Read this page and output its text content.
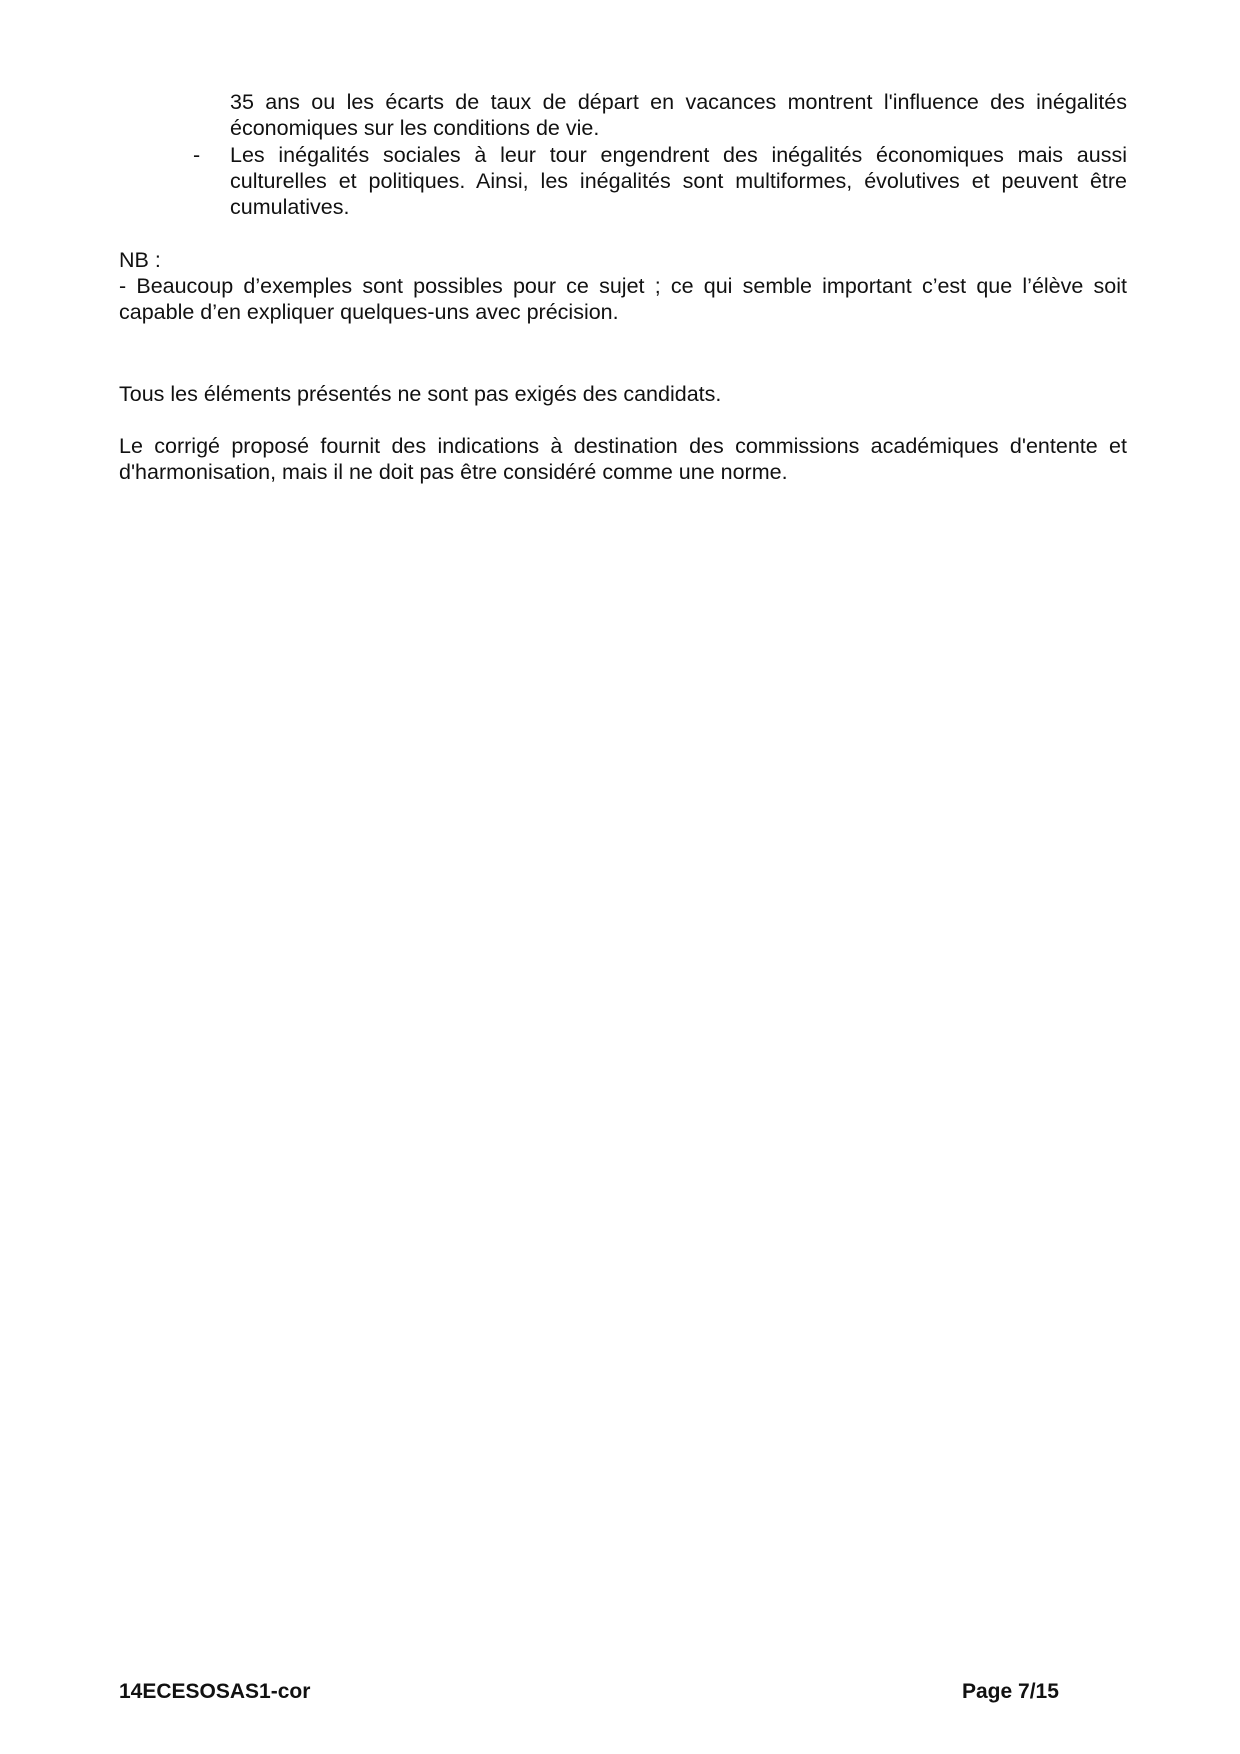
35 ans ou les écarts de taux de départ en vacances montrent l'influence des inégalités économiques sur les conditions de vie.

- Les inégalités sociales à leur tour engendrent des inégalités économiques mais aussi culturelles et politiques. Ainsi, les inégalités sont multiformes, évolutives et peuvent être cumulatives.

NB :

- Beaucoup d’exemples sont possibles pour ce sujet ; ce qui semble important c’est que l’élève soit capable d’en expliquer quelques-uns avec précision.

Tous les éléments présentés ne sont pas exigés des candidats.

Le corrigé proposé fournit des indications à destination des commissions académiques d'entente et d'harmonisation, mais il ne doit pas être considéré comme une norme.

14ECESOSAS1-cor	Page 7/15
